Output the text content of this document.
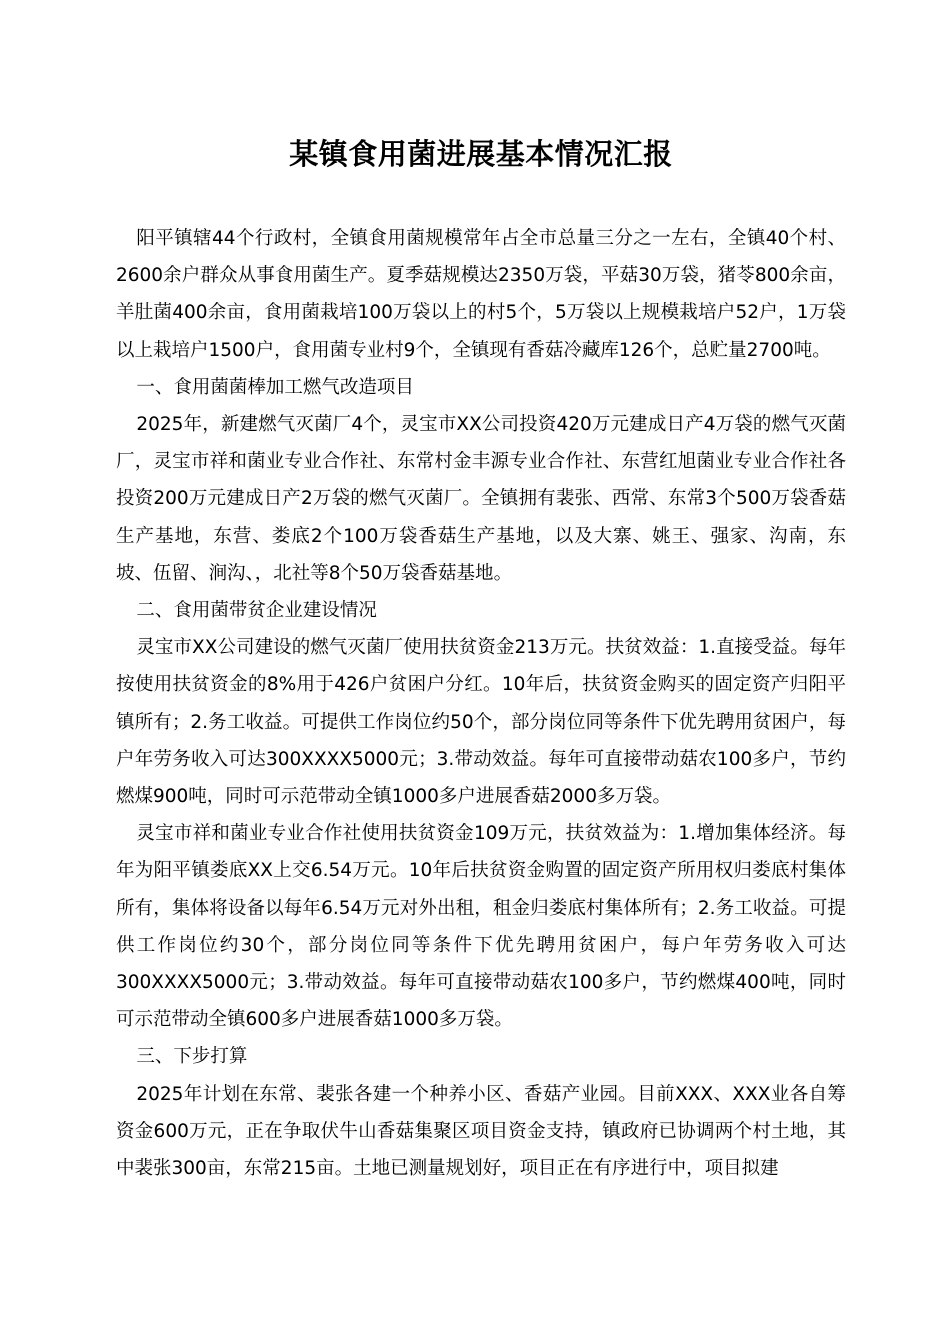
某镇食用菌进展基本情况汇报

阳平镇辖44个行政村，全镇食用菌规模常年占全市总量三分之一左右，全镇40个村、2600余户群众从事食用菌生产。夏季菇规模达2350万袋，平菇30万袋，猪苓800余亩，羊肚菌400余亩，食用菌栽培100万袋以上的村5个，5万袋以上规模栽培户52户，1万袋以上栽培户1500户，食用菌专业村9个，全镇现有香菇冷藏库126个，总贮量2700吨。

一、食用菌菌棒加工燃气改造项目

2025年，新建燃气灭菌厂4个，灵宝市XX公司投资420万元建成日产4万袋的燃气灭菌厂，灵宝市祥和菌业专业合作社、东常村金丰源专业合作社、东营红旭菌业专业合作社各投资200万元建成日产2万袋的燃气灭菌厂。全镇拥有裴张、西常、东常3个500万袋香菇生产基地，东营、娄底2个100万袋香菇生产基地，以及大寨、姚王、强家、沟南，东坡、伍留、涧沟、，北社等8个50万袋香菇基地。

二、食用菌带贫企业建设情况

灵宝市XX公司建设的燃气灭菌厂使用扶贫资金213万元。扶贫效益：1.直接受益。每年按使用扶贫资金的8%用于426户贫困户分红。10年后，扶贫资金购买的固定资产归阳平镇所有；2.务工收益。可提供工作岗位约50个，部分岗位同等条件下优先聘用贫困户，每户年劳务收入可达300XXXX5000元；3.带动效益。每年可直接带动菇农100多户，节约燃煤900吨，同时可示范带动全镇1000多户进展香菇2000多万袋。

灵宝市祥和菌业专业合作社使用扶贫资金109万元，扶贫效益为：1.增加集体经济。每年为阳平镇娄底XX上交6.54万元。10年后扶贫资金购置的固定资产所用权归娄底村集体所有，集体将设备以每年6.54万元对外出租，租金归娄底村集体所有；2.务工收益。可提供工作岗位约30个，部分岗位同等条件下优先聘用贫困户，每户年劳务收入可达300XXXX5000元；3.带动效益。每年可直接带动菇农100多户，节约燃煤400吨，同时可示范带动全镇600多户进展香菇1000多万袋。

三、下步打算

2025年计划在东常、裴张各建一个种养小区、香菇产业园。目前XXX、XXX业各自筹资金600万元，正在争取伏牛山香菇集聚区项目资金支持，镇政府已协调两个村土地，其中裴张300亩，东常215亩。土地已测量规划好，项目正在有序进行中，项目拟建
